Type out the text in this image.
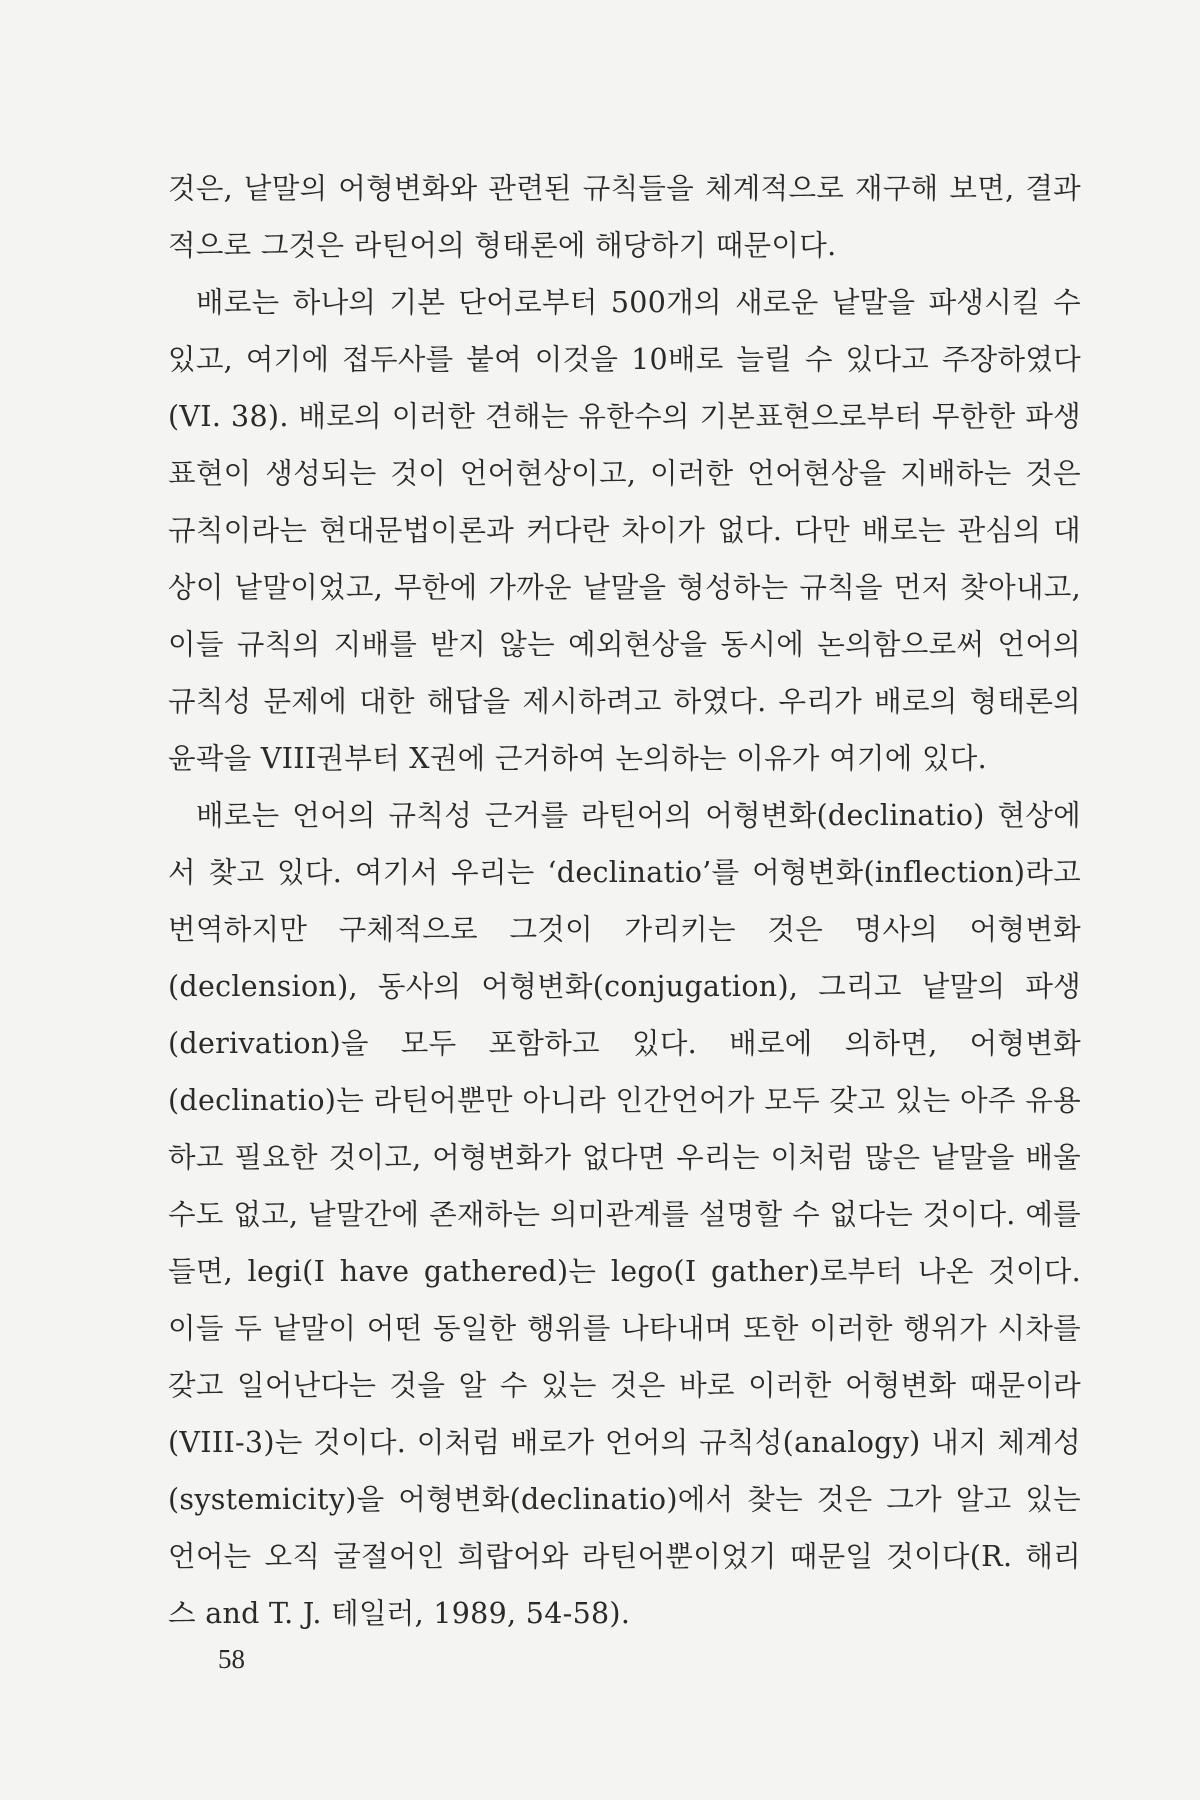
것은, 낱말의 어형변화와 관련된 규칙들을 체계적으로 재구해 보면, 결과적으로 그것은 라틴어의 형태론에 해당하기 때문이다.

배로는 하나의 기본 단어로부터 500개의 새로운 낱말을 파생시킬 수 있고, 여기에 접두사를 붙여 이것을 10배로 늘릴 수 있다고 주장하였다 (VI. 38). 배로의 이러한 견해는 유한수의 기본표현으로부터 무한한 파생표현이 생성되는 것이 언어현상이고, 이러한 언어현상을 지배하는 것은 규칙이라는 현대문법이론과 커다란 차이가 없다. 다만 배로는 관심의 대상이 낱말이었고, 무한에 가까운 낱말을 형성하는 규칙을 먼저 찾아내고, 이들 규칙의 지배를 받지 않는 예외현상을 동시에 논의함으로써 언어의 규칙성 문제에 대한 해답을 제시하려고 하였다. 우리가 배로의 형태론의 윤곽을 VIII권부터 X권에 근거하여 논의하는 이유가 여기에 있다.

배로는 언어의 규칙성 근거를 라틴어의 어형변화(declinatio) 현상에서 찾고 있다. 여기서 우리는 ‘declinatio’를 어형변화(inflection)라고 번역하지만 구체적으로 그것이 가리키는 것은 명사의 어형변화(declension), 동사의 어형변화(conjugation), 그리고 낱말의 파생(derivation)을 모두 포함하고 있다. 배로에 의하면, 어형변화(declinatio)는 라틴어뿐만 아니라 인간언어가 모두 갖고 있는 아주 유용하고 필요한 것이고, 어형변화가 없다면 우리는 이처럼 많은 낱말을 배울 수도 없고, 낱말간에 존재하는 의미관계를 설명할 수 없다는 것이다. 예를 들면, legi(I have gathered)는 lego(I gather)로부터 나온 것이다. 이들 두 낱말이 어떤 동일한 행위를 나타내며 또한 이러한 행위가 시차를 갖고 일어난다는 것을 알 수 있는 것은 바로 이러한 어형변화 때문이라(VIII-3)는 것이다. 이처럼 배로가 언어의 규칙성(analogy) 내지 체계성(systemicity)을 어형변화(declinatio)에서 찾는 것은 그가 알고 있는 언어는 오직 굴절어인 희랍어와 라틴어뿐이었기 때문일 것이다(R. 해리스 and T. J. 테일러, 1989, 54-58).

58
